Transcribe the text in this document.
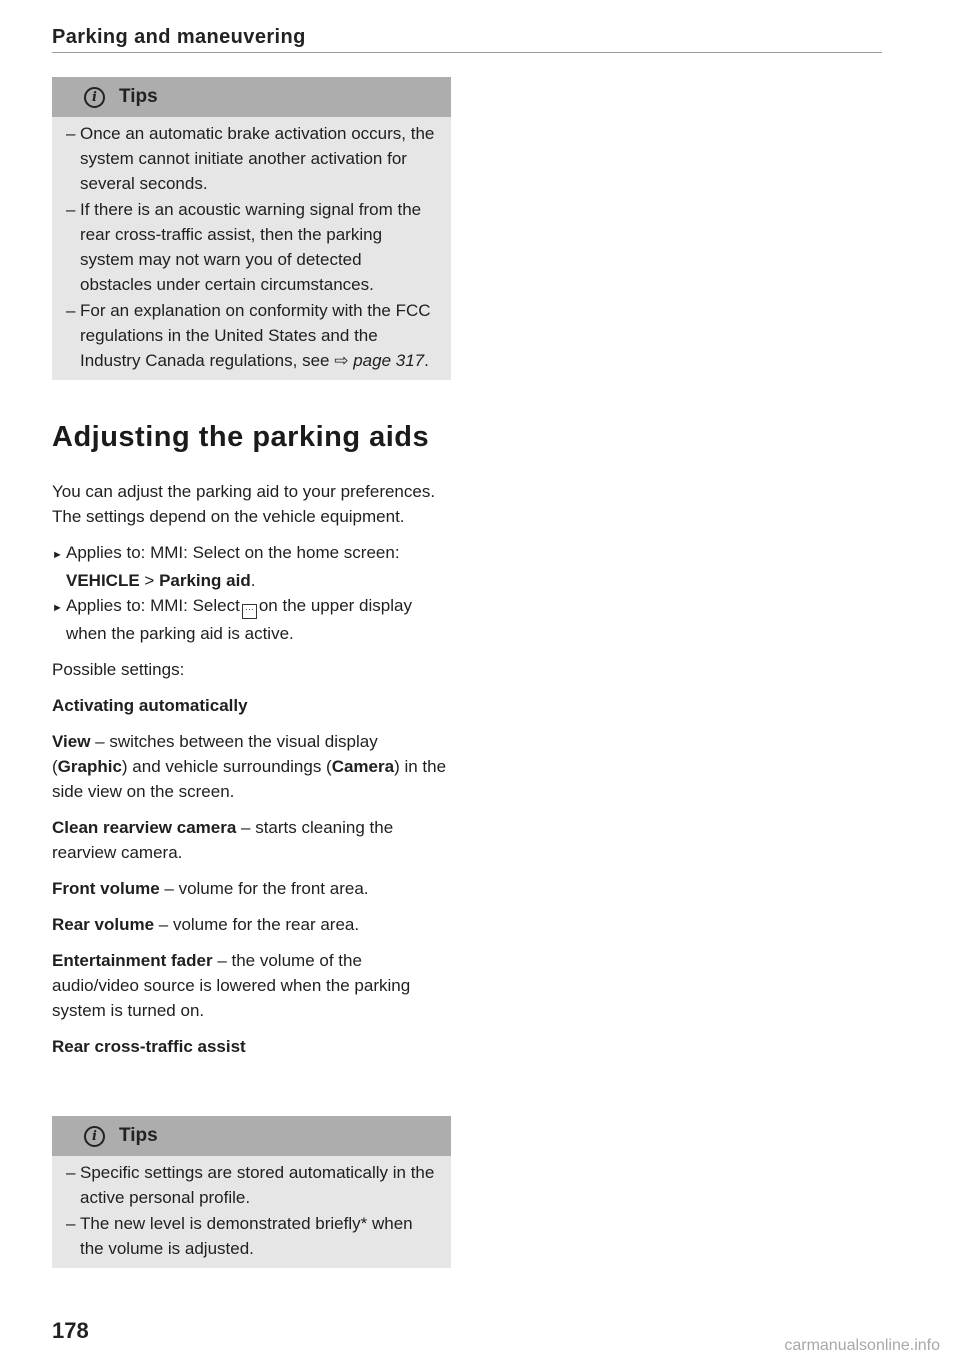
Parking and maneuvering
i	Tips
– Once an automatic brake activation occurs, the system cannot initiate another activation for several seconds.
– If there is an acoustic warning signal from the rear cross-traffic assist, then the parking system may not warn you of detected obstacles under certain circumstances.
– For an explanation on conformity with the FCC regulations in the United States and the Industry Canada regulations, see ⇨ page 317.
Adjusting the parking aids

You can adjust the parking aid to your preferences. The settings depend on the vehicle equipment.

► Applies to: MMI: Select on the home screen: VEHICLE > Parking aid.
► Applies to: MMI: Select ··· on the upper display when the parking aid is active.

Possible settings:

Activating automatically

View – switches between the visual display (Graphic) and vehicle surroundings (Camera) in the side view on the screen.

Clean rearview camera – starts cleaning the rearview camera.

Front volume – volume for the front area.

Rear volume – volume for the rear area.

Entertainment fader – the volume of the audio/video source is lowered when the parking system is turned on.

Rear cross-traffic assist

i	Tips
– Specific settings are stored automatically in the active personal profile.
– The new level is demonstrated briefly* when the volume is adjusted.
178
carmanualsonline.info
